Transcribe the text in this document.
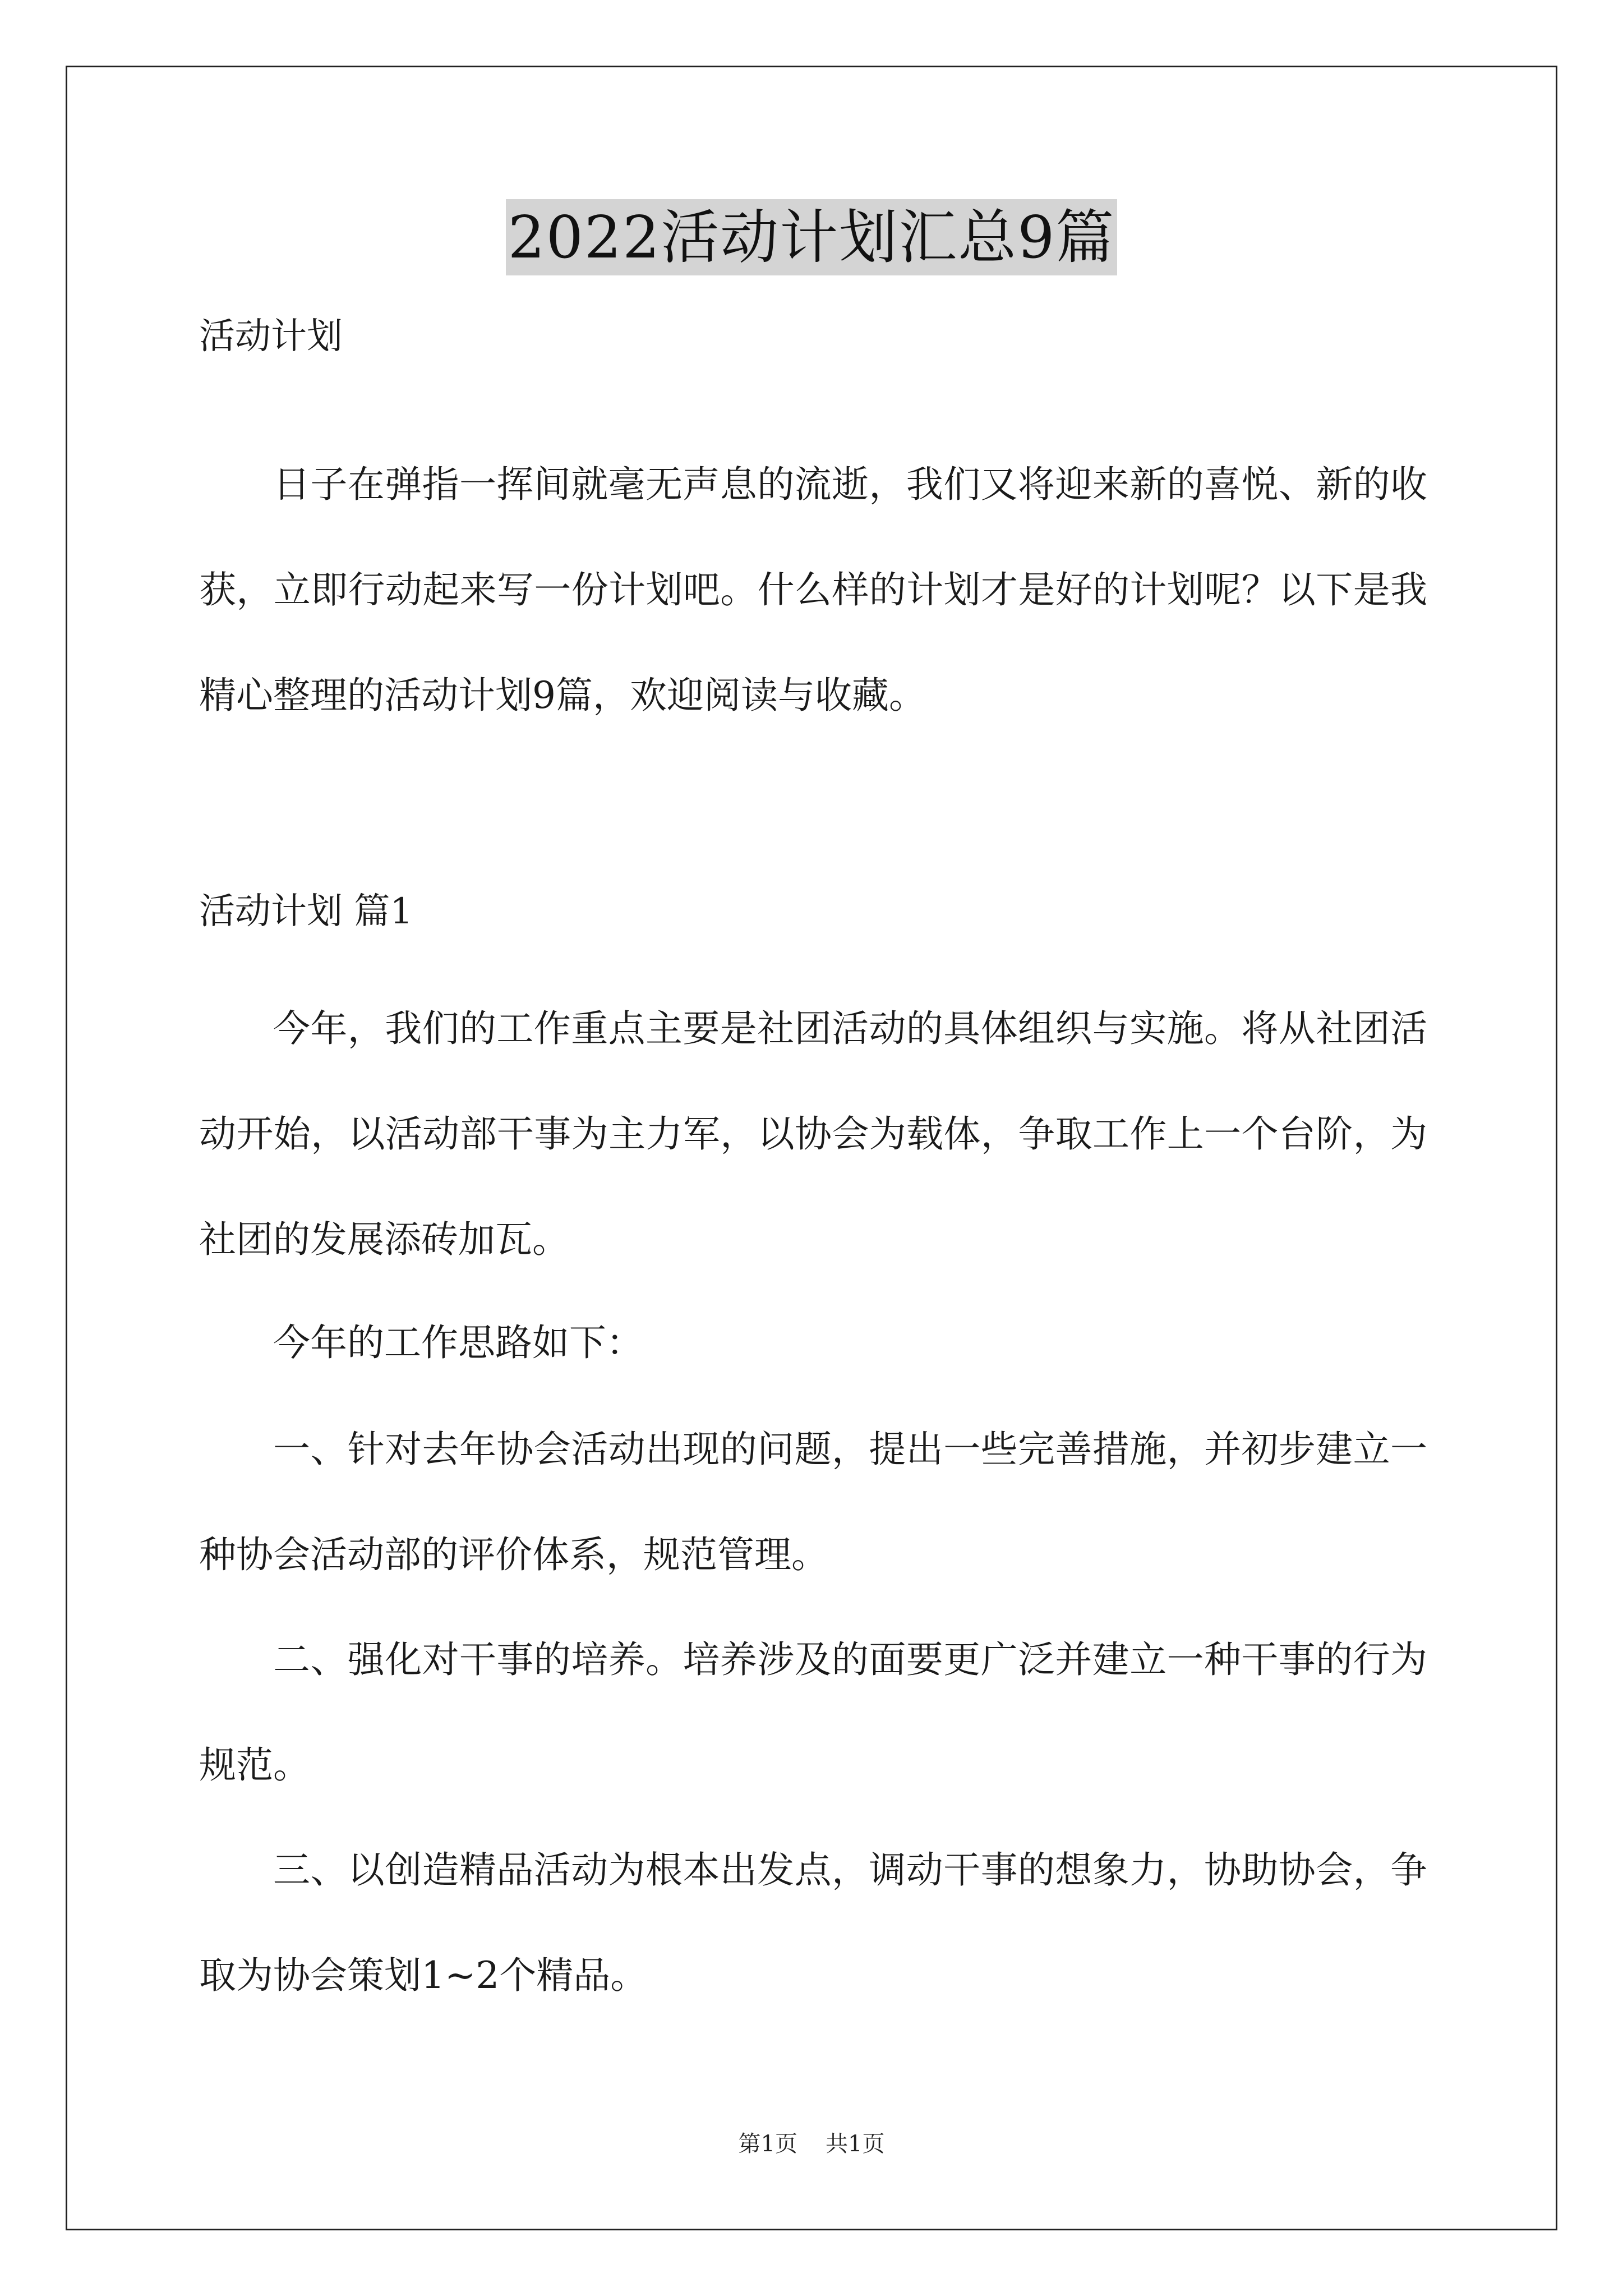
2022活动计划汇总9篇
活动计划
日子在弹指一挥间就毫无声息的流逝，我们又将迎来新的喜悦、新的收获，立即行动起来写一份计划吧。什么样的计划才是好的计划呢？以下是我精心整理的活动计划9篇，欢迎阅读与收藏。
活动计划 篇1
今年，我们的工作重点主要是社团活动的具体组织与实施。将从社团活动开始，以活动部干事为主力军，以协会为载体，争取工作上一个台阶，为社团的发展添砖加瓦。
今年的工作思路如下：
一、针对去年协会活动出现的问题，提出一些完善措施，并初步建立一种协会活动部的评价体系，规范管理。
二、强化对干事的培养。培养涉及的面要更广泛并建立一种干事的行为规范。
三、以创造精品活动为根本出发点，调动干事的想象力，协助协会，争取为协会策划1~2个精品。
第1页 共1页
